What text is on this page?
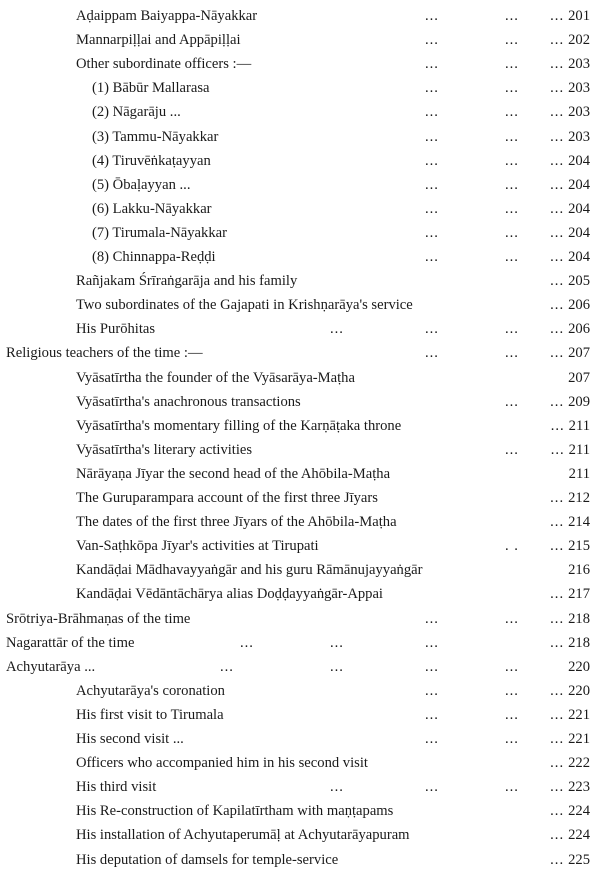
Aḍaippam Baiyappa-Nāyakkar	...	... ... 201
Mannarpiḷḷai and Appāpiḷḷai	...	... ... 202
Other subordinate officers :—	...	... ... 203
(1) Bābūr Mallarasa	...	... ... 203
(2) Nāgarāju ...	...	... ... 203
(3) Tammu-Nāyakkar	...	... ... 203
(4) Tiruvēṅkaṭayyan	...	... ... 204
(5) Ōbaḷayyan ...	...	... ... 204
(6) Lakku-Nāyakkar	...	... ... 204
(7) Tirumala-Nāyakkar	...	... ... 204
(8) Chinnappa-Reḍḍi	...	... ... 204
Rañjakam Śrīraṅgarāja and his family	... 205
Two subordinates of the Gajapati in Krishṇarāya's service	... 206
His Purōhitas	...	...	... ... 206
Religious teachers of the time :—	...	... ... 207
Vyāsatīrtha the founder of the Vyāsarāya-Maṭha	207
Vyāsatīrtha's anachronous transactions	... ... 209
Vyāsatīrtha's momentary filling of the Karṇāṭaka throne	... 211
Vyāsatīrtha's literary activities	... ... 211
Nārāyaṇa Jīyar the second head of the Ahōbila-Maṭha	211
The Guruparampara account of the first three Jīyars	... 212
The dates of the first three Jīyars of the Ahōbila-Maṭha	... 214
Van-Saṭhkōpa Jīyar's activities at Tirupati	. . ... 215
Kandāḍai Mādhavayyaṅgār and his guru Rāmānujayyaṅgār	216
Kandāḍai Vēdāntāchārya alias Doḍḍayyaṅgār-Appai	... 217
Srōtriya-Brāhmaṇas of the time	...	... ... 218
Nagarattār of the time	...	...	...	... 218
Achyutarāya ...	...	...	...	...	220
Achyutarāya's coronation	...	... ... 220
His first visit to Tirumala	...	... ... 221
His second visit ...	...	... ... 221
Officers who accompanied him in his second visit	... 222
His third visit	...	...	... ... 223
His Re-construction of Kapilatīrtham with maṇṭapams	... 224
His installation of Achyutaperumāḷ at Achyutarāyapuram	... 224
His deputation of damsels for temple-service	... 225
